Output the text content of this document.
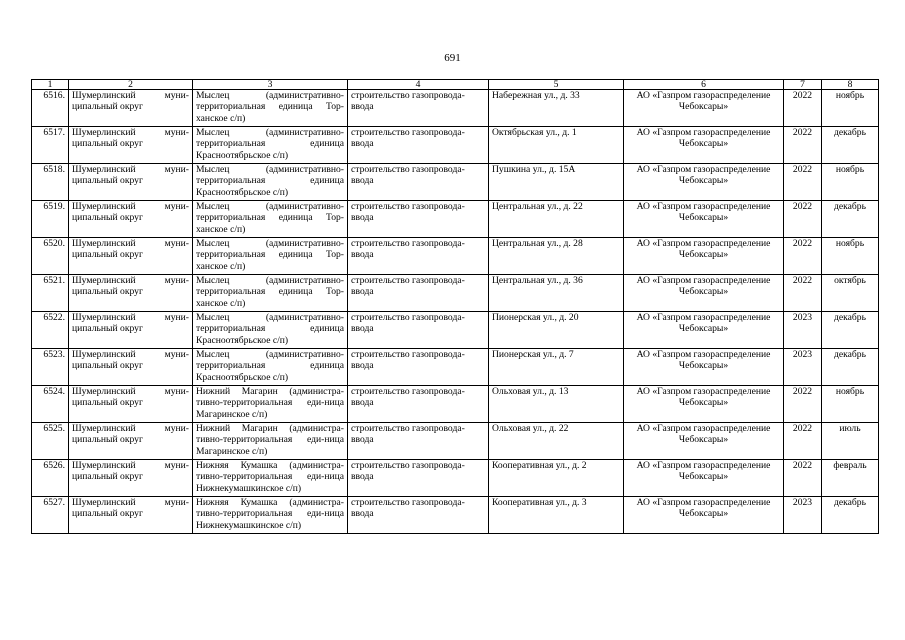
691
1	2	3	4	5	6	7	8
6516.	Шумерлинский муни-ципальный округ	Мыслец (административно-территориальная единица Тор-ханское с/п)	строительство газопровода-ввода	Набережная ул., д. 33	АО «Газпром газораспределение Чебоксары»	2022	ноябрь
6517.	Шумерлинский муни-ципальный округ	Мыслец (административно-территориальная единица Красноотябрьское с/п)	строительство газопровода-ввода	Октябрьская ул., д. 1	АО «Газпром газораспределение Чебоксары»	2022	декабрь
6518.	Шумерлинский муни-ципальный округ	Мыслец (административно-территориальная единица Красноотябрьское с/п)	строительство газопровода-ввода	Пушкина ул., д. 15А	АО «Газпром газораспределение Чебоксары»	2022	ноябрь
6519.	Шумерлинский муни-ципальный округ	Мыслец (административно-территориальная единица Тор-ханское с/п)	строительство газопровода-ввода	Центральная ул., д. 22	АО «Газпром газораспределение Чебоксары»	2022	декабрь
6520.	Шумерлинский муни-ципальный округ	Мыслец (административно-территориальная единица Тор-ханское с/п)	строительство газопровода-ввода	Центральная ул., д. 28	АО «Газпром газораспределение Чебоксары»	2022	ноябрь
6521.	Шумерлинский муни-ципальный округ	Мыслец (административно-территориальная единица Тор-ханское с/п)	строительство газопровода-ввода	Центральная ул., д. 36	АО «Газпром газораспределение Чебоксары»	2022	октябрь
6522.	Шумерлинский муни-ципальный округ	Мыслец (административно-территориальная единица Красноотябрьское с/п)	строительство газопровода-ввода	Пионерская ул., д. 20	АО «Газпром газораспределение Чебоксары»	2023	декабрь
6523.	Шумерлинский муни-ципальный округ	Мыслец (административно-территориальная единица Красноотябрьское с/п)	строительство газопровода-ввода	Пионерская ул., д. 7	АО «Газпром газораспределение Чебоксары»	2023	декабрь
6524.	Шумерлинский муни-ципальный округ	Нижний Магарин (администра-тивно-территориальная еди-ница Магаринское с/п)	строительство газопровода-ввода	Ольховая ул., д. 13	АО «Газпром газораспределение Чебоксары»	2022	ноябрь
6525.	Шумерлинский муни-ципальный округ	Нижний Магарин (администра-тивно-территориальная еди-ница Магаринское с/п)	строительство газопровода-ввода	Ольховая ул., д. 22	АО «Газпром газораспределение Чебоксары»	2022	июль
6526.	Шумерлинский муни-ципальный округ	Нижняя Кумашка (администра-тивно-территориальная еди-ница Нижнекумашкинское с/п)	строительство газопровода-ввода	Кооперативная ул., д. 2	АО «Газпром газораспределение Чебоксары»	2022	февраль
6527.	Шумерлинский муни-ципальный округ	Нижняя Кумашка (администра-тивно-территориальная еди-ница Нижнекумашкинское с/п)	строительство газопровода-ввода	Кооперативная ул., д. 3	АО «Газпром газораспределение Чебоксары»	2023	декабрь
